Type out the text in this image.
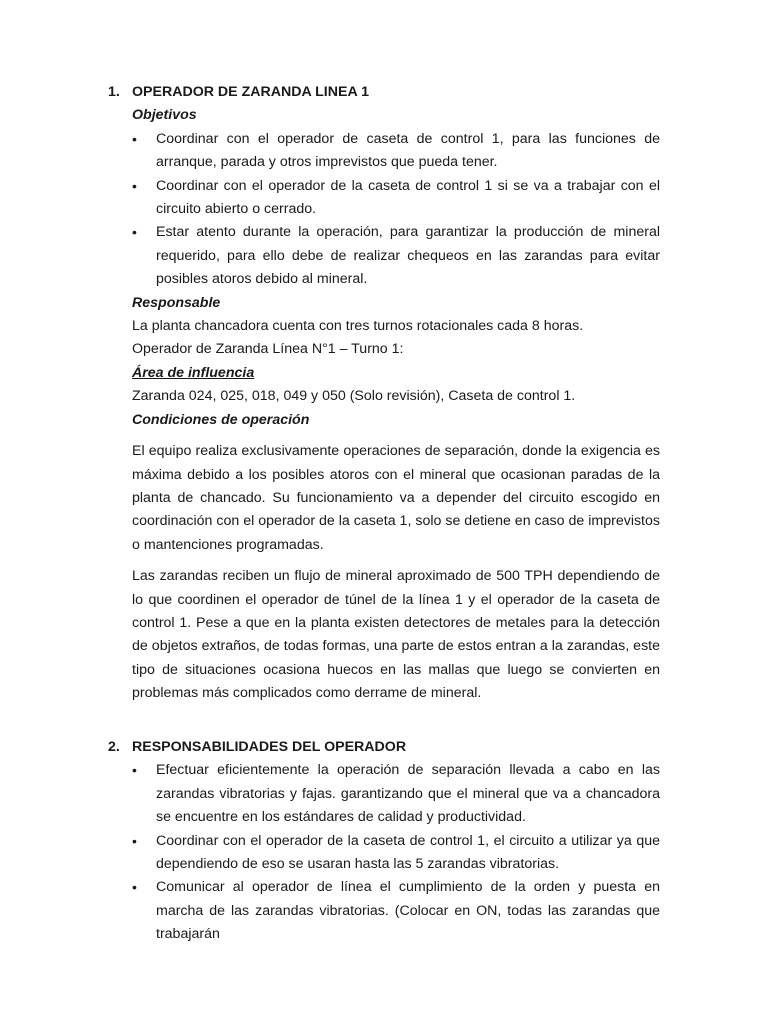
1. OPERADOR DE ZARANDA LINEA 1
Objetivos
•	Coordinar con el operador de caseta de control 1, para las funciones de arranque, parada y otros imprevistos que pueda tener.
•	Coordinar con el operador de la caseta de control 1 si se va a trabajar con el circuito abierto o cerrado.
•	Estar atento durante la operación, para garantizar la producción de mineral requerido, para ello debe de realizar chequeos en las zarandas para evitar posibles atoros debido al mineral.
Responsable
La planta chancadora cuenta con tres turnos rotacionales cada 8 horas.
Operador de Zaranda Línea N°1 – Turno 1:
Área de influencia
Zaranda 024, 025, 018, 049 y 050 (Solo revisión), Caseta de control 1.
Condiciones de operación

El equipo realiza exclusivamente operaciones de separación, donde la exigencia es máxima debido a los posibles atoros con el mineral que ocasionan paradas de la planta de chancado. Su funcionamiento va a depender del circuito escogido en coordinación con el operador de la caseta 1, solo se detiene en caso de imprevistos o mantenciones programadas.

Las zarandas reciben un flujo de mineral aproximado de 500 TPH dependiendo de lo que coordinen el operador de túnel de la línea 1 y el operador de la caseta de control 1. Pese a que en la planta existen detectores de metales para la detección de objetos extraños, de todas formas, una parte de estos entran a la zarandas, este tipo de situaciones ocasiona huecos en las mallas que luego se convierten en problemas más complicados como derrame de mineral.

2. RESPONSABILIDADES DEL OPERADOR
•	Efectuar eficientemente la operación de separación llevada a cabo en las zarandas vibratorias y fajas. garantizando que el mineral que va a chancadora se encuentre en los estándares de calidad y productividad.
•	Coordinar con el operador de la caseta de control 1, el circuito a utilizar ya que dependiendo de eso se usaran hasta las 5 zarandas vibratorias.
•	Comunicar al operador de línea el cumplimiento de la orden y puesta en marcha de las zarandas vibratorias. (Colocar en ON, todas las zarandas que trabajarán
